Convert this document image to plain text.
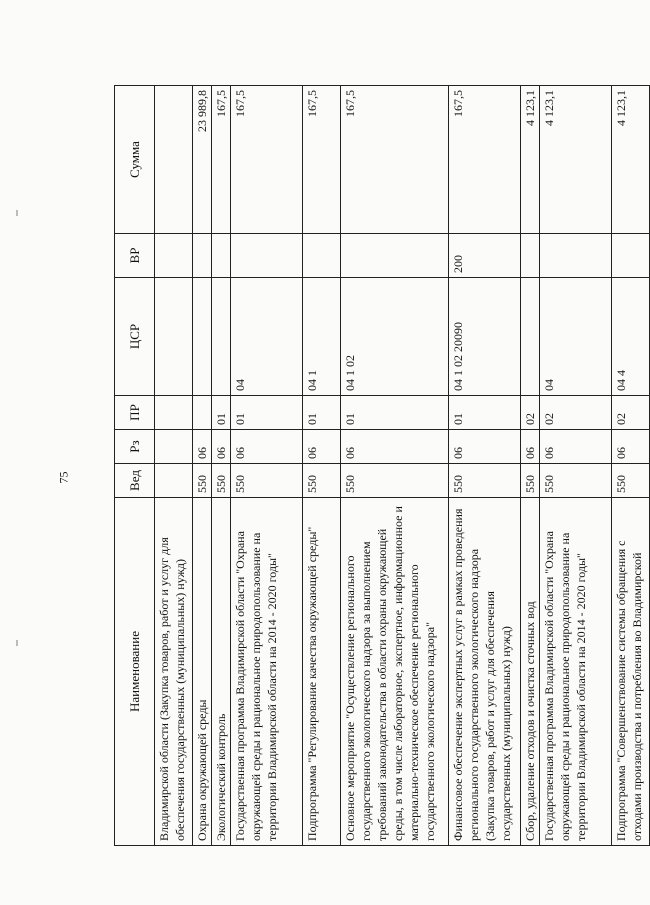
75
Наименование	Вед	Рз	ПР	ЦСР	ВР	Сумма
Владимирской области (Закупка товаров, работ и услуг для обеспечения государственных (муниципальных) нужд)						
Охрана окружающей среды	550	06				23 989,8
Экологический контроль	550	06	01			167,5
Государственная программа Владимирской области "Охрана окружающей среды и рациональное природопользование на территории Владимирской области на 2014 - 2020 годы"	550	06	01	04		167,5
Подпрограмма "Регулирование качества окружающей среды"	550	06	01	04 1		167,5
Основное мероприятие "Осуществление регионального государственного экологического надзора за выполнением требований законодательства в области охраны окружающей среды, в том числе лабораторное, экспертное, информационное и материально-техническое обеспечение регионального государственного экологического надзора"	550	06	01	04 1 02		167,5
Финансовое обеспечение экспертных услуг в рамках проведения регионального государственного экологического надзора (Закупка товаров, работ и услуг для обеспечения государственных (муниципальных) нужд)	550	06	01	04 1 02 20090	200	167,5
Сбор, удаление отходов и очистка сточных вод	550	06	02			4 123,1
Государственная программа Владимирской области "Охрана окружающей среды и рациональное природопользование на территории Владимирской области на 2014 - 2020 годы"	550	06	02	04		4 123,1
Подпрограмма "Совершенствование системы обращения с отходами производства и потребления во Владимирской	550	06	02	04 4		4 123,1
